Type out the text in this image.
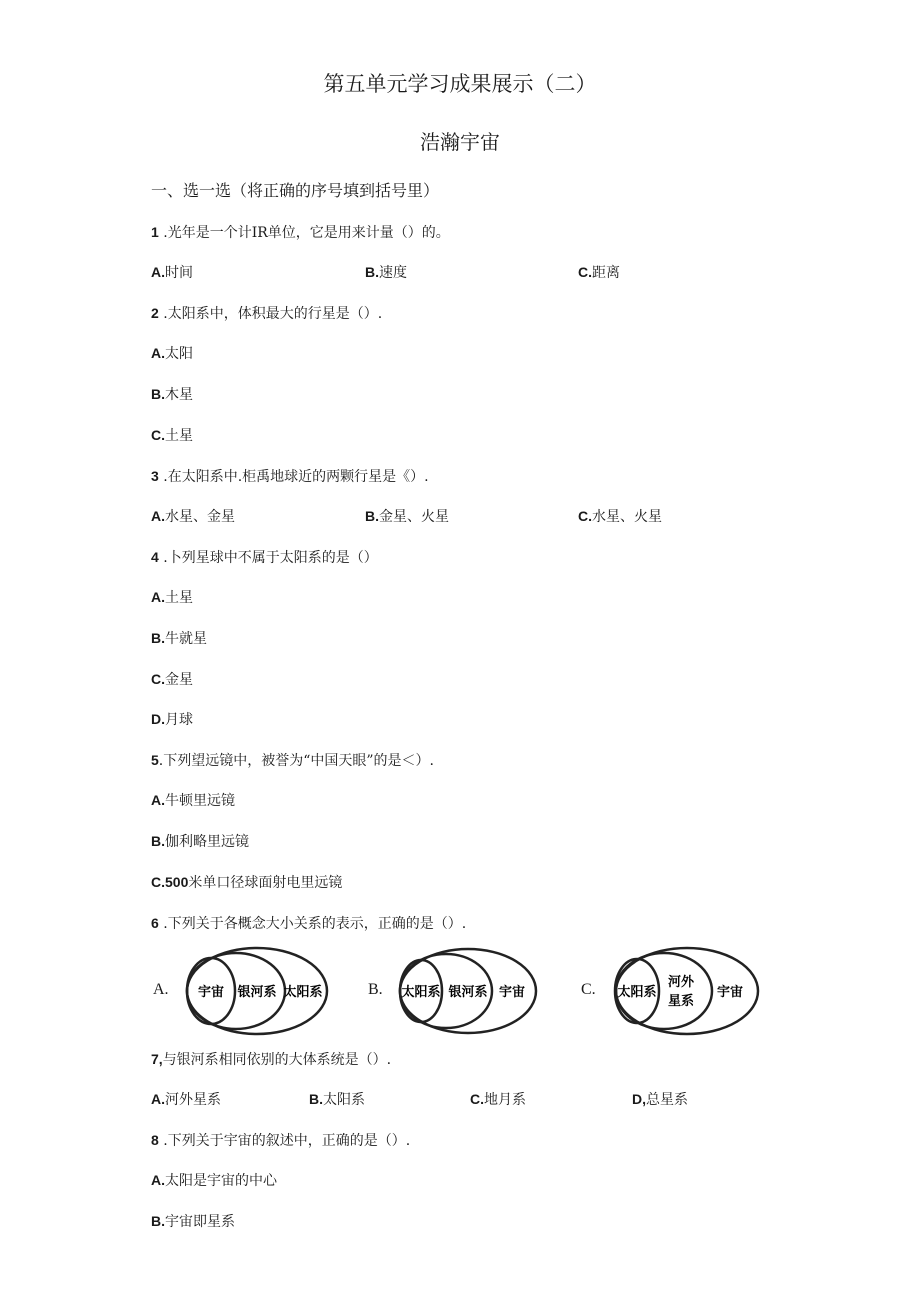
第五单元学习成果展示（二）
浩瀚宇宙
一、选一选（将正确的序号填到括号里）
1 .光年是一个计IR单位，它是用来计量（）的。
A.时间	B.速度	C.距离
2 .太阳系中，体积最大的行星是（）.
A.太阳
B.木星
C.土星
3 .在太阳系中.柜禹地球近的两颗行星是《）.
A.水星、金星	B.金星、火星	C.水星、火星
4 .卜列星球中不属于太阳系的是（）
A.土星
B.牛就星
C.金星
D.月球
5.下列望远镜中，被誉为“中国天眼”的是＜）.
A.牛顿里远镜
B.伽利略里远镜
C.500米单口径球面射电里远镜
6 .下列关于各概念大小关系的表示，正确的是（）.
A. 宇宙 银河系 太阳系	B. 太阳系 银河系 宇宙	C. 太阳系
河外
星系
宇宙
7,与银河系相同依别的大体系统是（）.
A.河外星系	B.太阳系	C.地月系	D,总星系
8 .下列关于宇宙的叙述中，正确的是（）.
A.太阳是宇宙的中心
B.宇宙即星系
